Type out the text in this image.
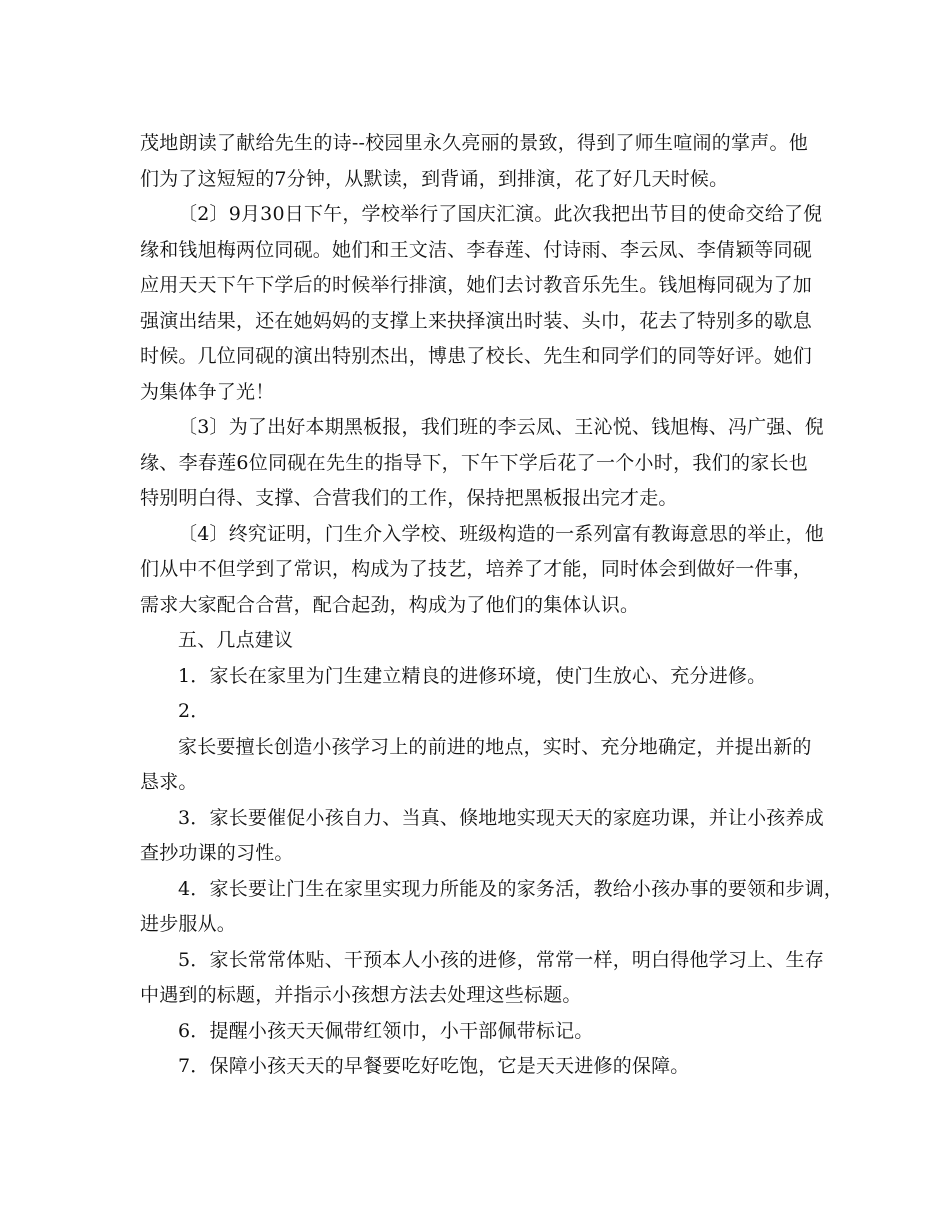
茂地朗读了献给先生的诗--校园里永久亮丽的景致，得到了师生喧闹的掌声。他
们为了这短短的7分钟，从默读，到背诵，到排演，花了好几天时候。
〔2〕9月30日下午，学校举行了国庆汇演。此次我把出节目的使命交给了倪
缘和钱旭梅两位同砚。她们和王文洁、李春莲、付诗雨、李云凤、李倩颖等同砚
应用天天下午下学后的时候举行排演，她们去讨教音乐先生。钱旭梅同砚为了加
强演出结果，还在她妈妈的支撑上来抉择演出时装、头巾，花去了特别多的歇息
时候。几位同砚的演出特别杰出，博患了校长、先生和同学们的同等好评。她们
为集体争了光！
〔3〕为了出好本期黑板报，我们班的李云凤、王沁悦、钱旭梅、冯广强、倪
缘、李春莲6位同砚在先生的指导下，下午下学后花了一个小时，我们的家长也
特别明白得、支撑、合营我们的工作，保持把黑板报出完才走。
〔4〕终究证明，门生介入学校、班级构造的一系列富有教诲意思的举止，他
们从中不但学到了常识，构成为了技艺，培养了才能，同时体会到做好一件事，
需求大家配合合营，配合起劲，构成为了他们的集体认识。
五、几点建议
1．家长在家里为门生建立精良的进修环境，使门生放心、充分进修。
2．
家长要擅长创造小孩学习上的前进的地点，实时、充分地确定，并提出新的
恳求。
3．家长要催促小孩自力、当真、倏地地实现天天的家庭功课，并让小孩养成
查抄功课的习性。
4．家长要让门生在家里实现力所能及的家务活，教给小孩办事的要领和步调，
进步服从。
5．家长常常体贴、干预本人小孩的进修，常常一样，明白得他学习上、生存
中遇到的标题，并指示小孩想方法去处理这些标题。
6．提醒小孩天天佩带红领巾，小干部佩带标记。
7．保障小孩天天的早餐要吃好吃饱，它是天天进修的保障。
